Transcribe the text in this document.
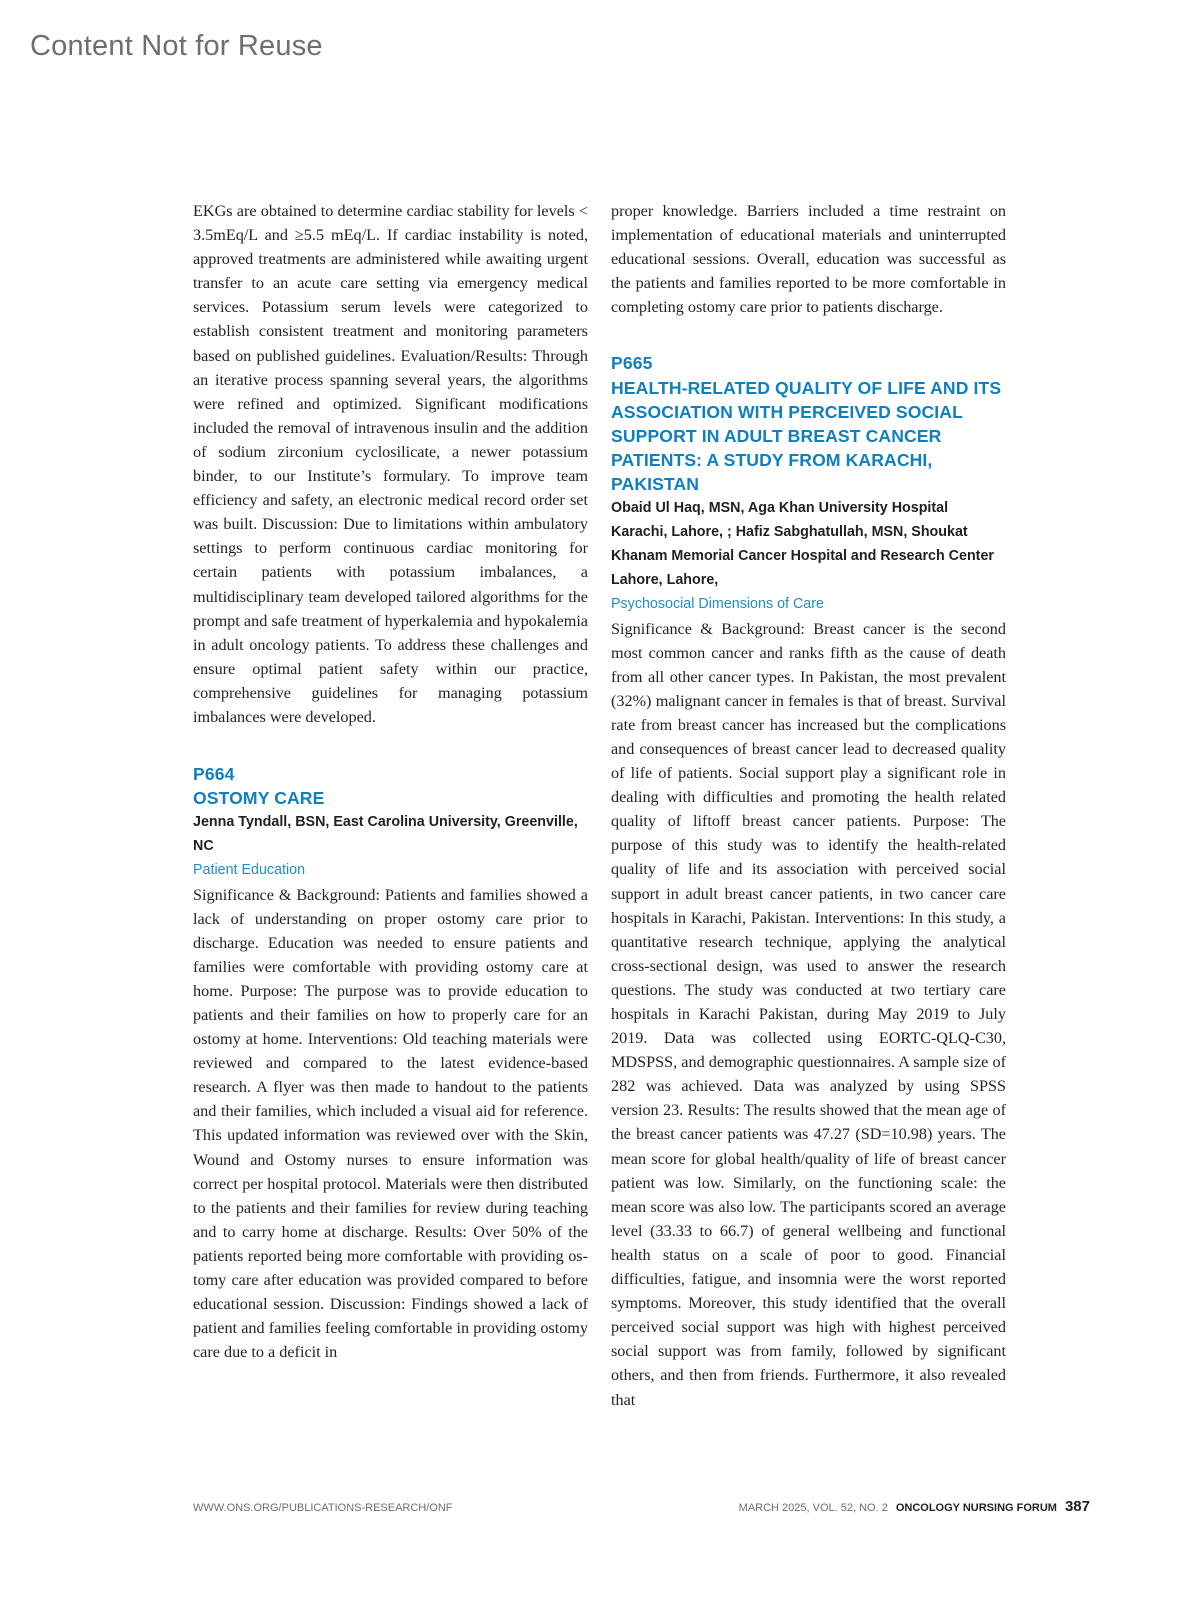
Content Not for Reuse

EKGs are obtained to determine cardiac stability for levels < 3.5mEq/L and ≥5.5 mEq/L. If cardiac instability is noted, approved treatments are administered while awaiting urgent transfer to an acute care setting via emergency medical services. Potassium serum levels were categorized to establish consistent treatment and monitoring parameters based on published guidelines. Evaluation/Results: Through an iterative process spanning several years, the algorithms were refined and optimized. Significant modifications included the removal of intravenous insulin and the addition of sodium zirconium cyclosilicate, a newer potassium binder, to our Institute’s formulary. To improve team efficiency and safety, an electronic medical record order set was built. Discussion: Due to limitations within ambulatory settings to perform continuous cardiac monitoring for certain patients with potassium imbalances, a multidisciplinary team developed tailored algorithms for the prompt and safe treatment of hyperkalemia and hypokalemia in adult oncology patients. To address these challenges and ensure optimal patient safety within our practice, comprehensive guidelines for managing potassium imbalances were developed.

P664

OSTOMY CARE

Jenna Tyndall, BSN, East Carolina University, Greenville, NC

Patient Education

Significance & Background: Patients and families showed a lack of understanding on proper ostomy care prior to discharge. Education was needed to ensure patients and families were comfortable with providing ostomy care at home. Purpose: The purpose was to provide education to patients and their families on how to properly care for an ostomy at home. Interventions: Old teaching materials were reviewed and compared to the latest evidence-based research. A flyer was then made to handout to the patients and their families, which included a visual aid for reference. This updated information was reviewed over with the Skin, Wound and Ostomy nurses to ensure information was correct per hospital protocol. Materials were then distributed to the patients and their families for review during teaching and to carry home at discharge. Results: Over 50% of the patients reported being more comfortable with providing ostomy care after education was provided compared to before educational session. Discussion: Findings showed a lack of patient and families feeling comfortable in providing ostomy care due to a deficit in

proper knowledge. Barriers included a time restraint on implementation of educational materials and uninterrupted educational sessions. Overall, education was successful as the patients and families reported to be more comfortable in completing ostomy care prior to patients discharge.

P665

HEALTH-RELATED QUALITY OF LIFE AND ITS ASSOCIATION WITH PERCEIVED SOCIAL SUPPORT IN ADULT BREAST CANCER PATIENTS: A STUDY FROM KARACHI, PAKISTAN

Obaid Ul Haq, MSN, Aga Khan University Hospital Karachi, Lahore, ; Hafiz Sabghatullah, MSN, Shoukat Khanam Memorial Cancer Hospital and Research Center Lahore, Lahore,

Psychosocial Dimensions of Care

Significance & Background: Breast cancer is the second most common cancer and ranks fifth as the cause of death from all other cancer types. In Pakistan, the most prevalent (32%) malignant cancer in females is that of breast. Survival rate from breast cancer has increased but the complications and consequences of breast cancer lead to decreased quality of life of patients. Social support play a significant role in dealing with difficulties and promoting the health related quality of liftoff breast cancer patients. Purpose: The purpose of this study was to identify the health-related quality of life and its association with perceived social support in adult breast cancer patients, in two cancer care hospitals in Karachi, Pakistan. Interventions: In this study, a quantitative research technique, applying the analytical cross-sectional design, was used to answer the research questions. The study was conducted at two tertiary care hospitals in Karachi Pakistan, during May 2019 to July 2019. Data was collected using EORTC-QLQ-C30, MDSPSS, and demographic questionnaires. A sample size of 282 was achieved. Data was analyzed by using SPSS version 23. Results: The results showed that the mean age of the breast cancer patients was 47.27 (SD=10.98) years. The mean score for global health/quality of life of breast cancer patient was low. Similarly, on the functioning scale: the mean score was also low. The participants scored an average level (33.33 to 66.7) of general wellbeing and functional health status on a scale of poor to good. Financial difficulties, fatigue, and insomnia were the worst reported symptoms. Moreover, this study identified that the overall perceived social support was high with highest perceived social support was from family, followed by significant others, and then from friends. Furthermore, it also revealed that

WWW.ONS.ORG/PUBLICATIONS-RESEARCH/ONF	MARCH 2025, VOL. 52, NO. 2 ONCOLOGY NURSING FORUM 387
